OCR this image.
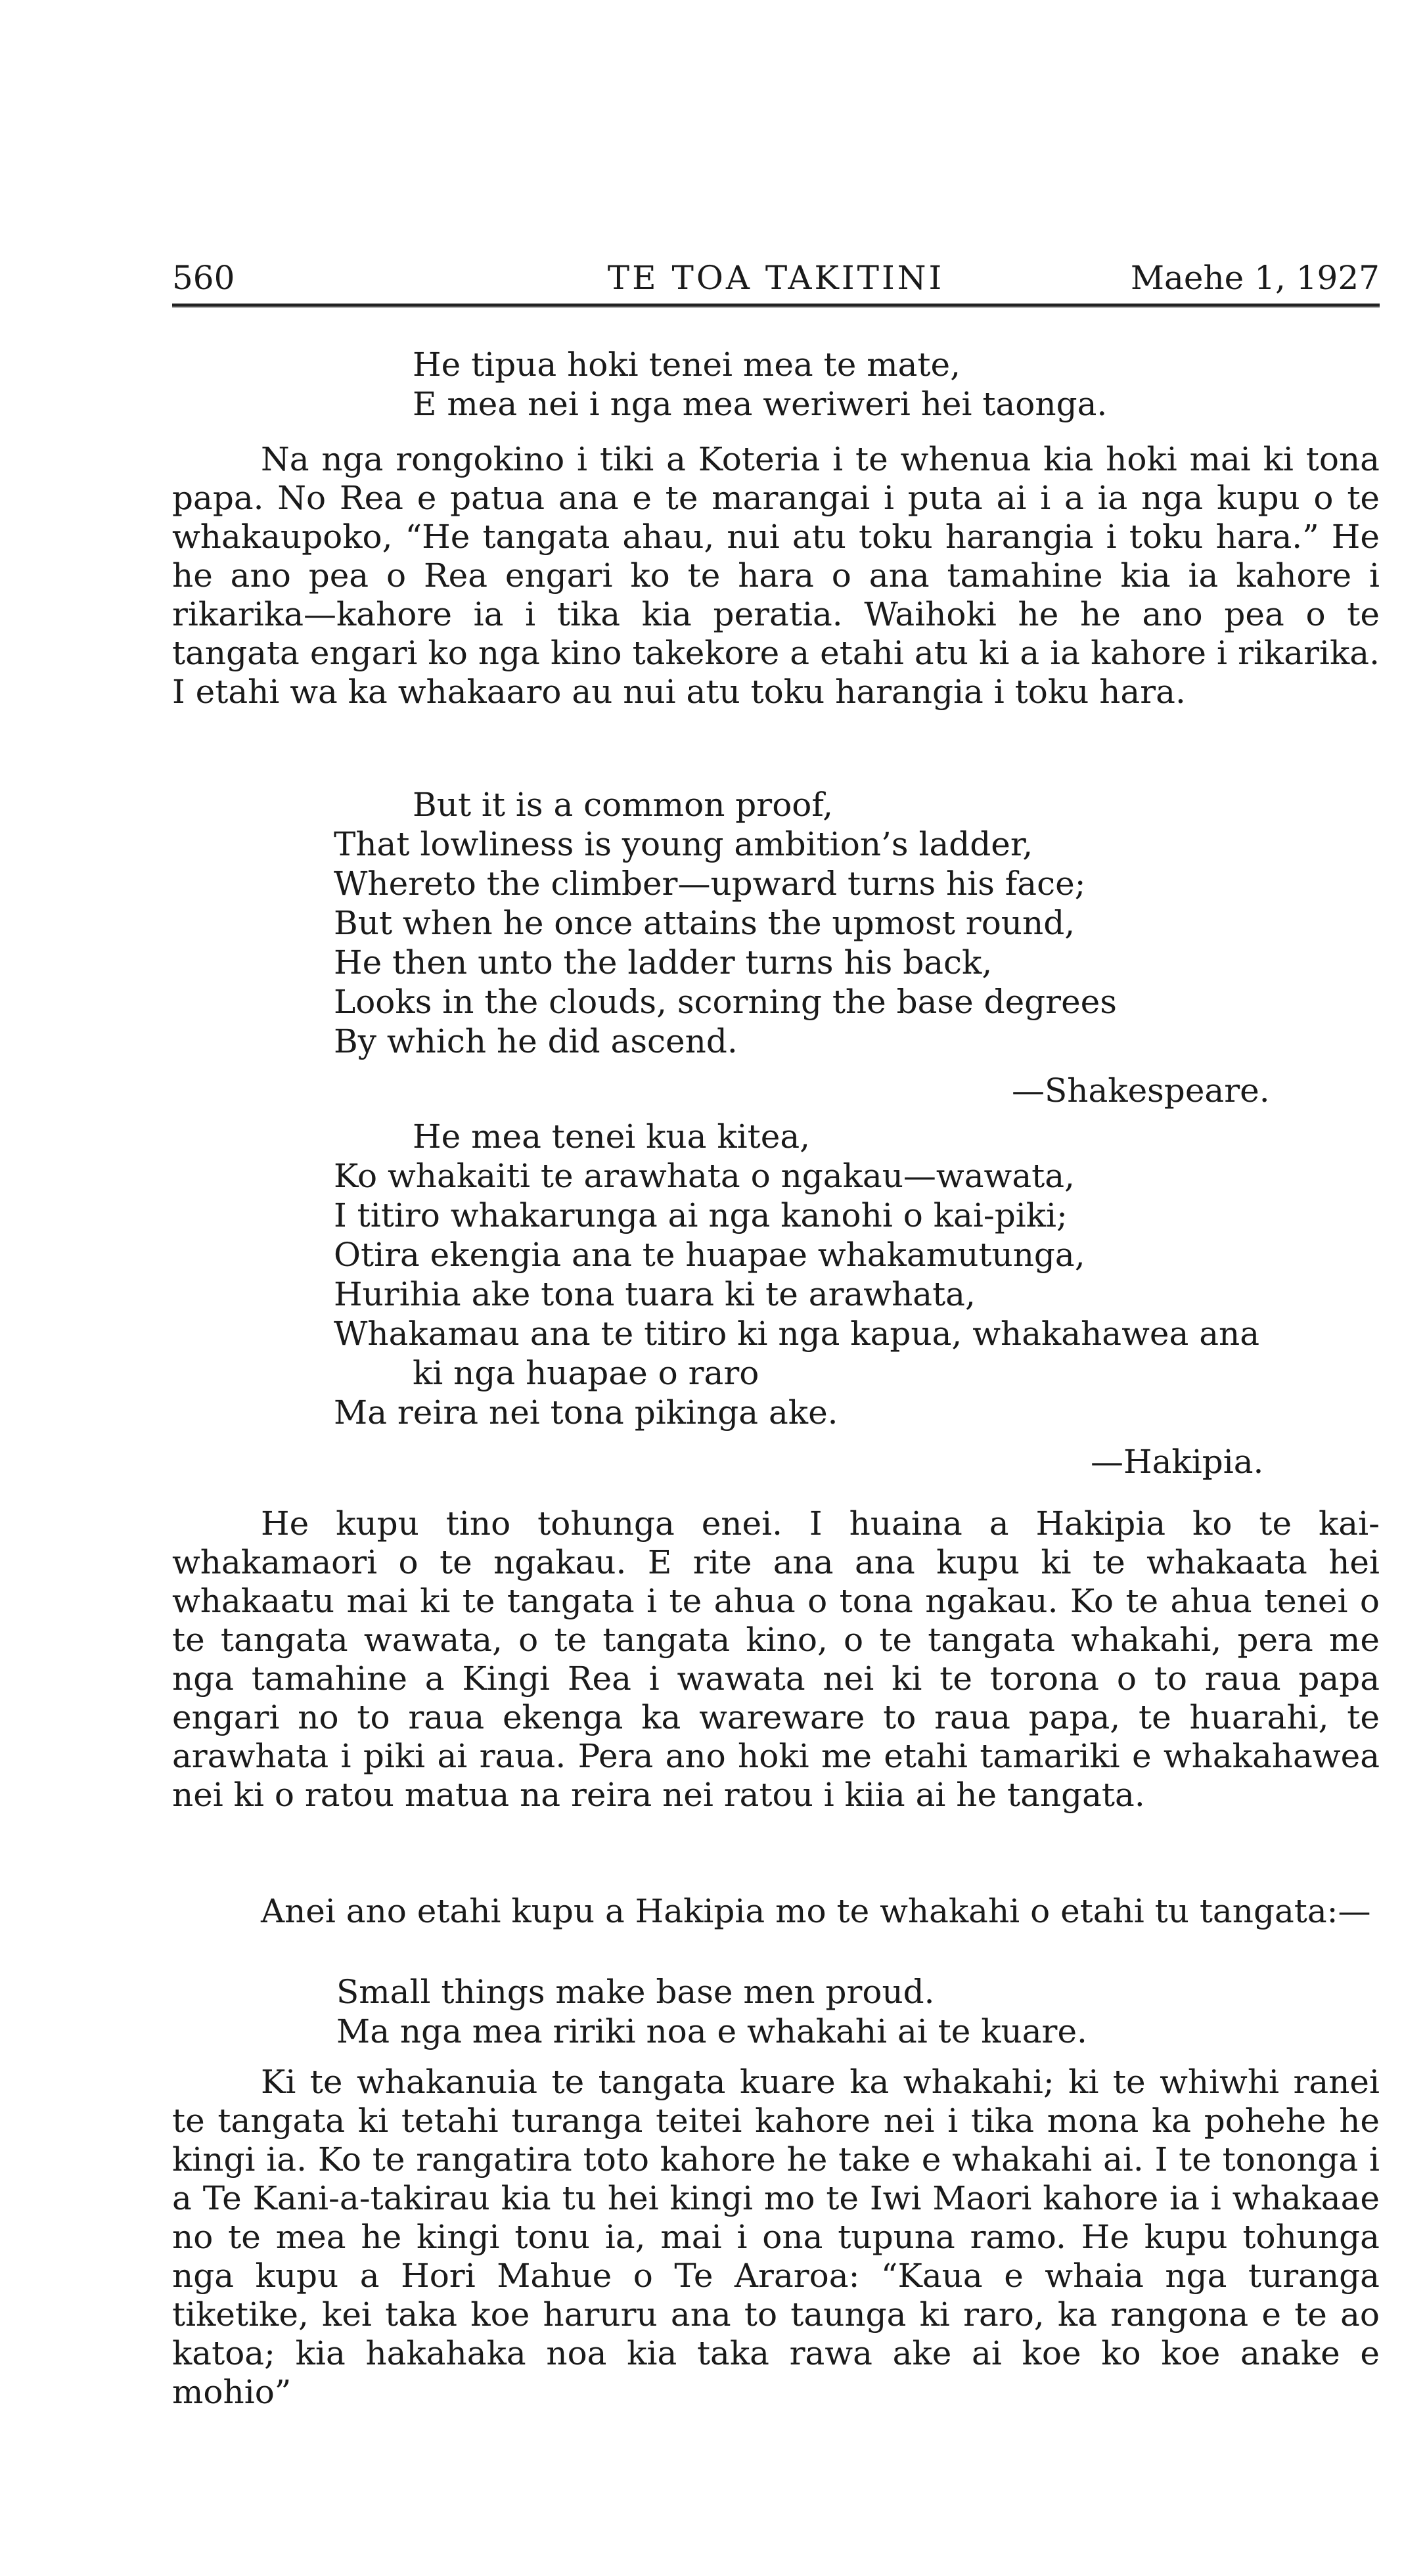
560	TE TOA TAKITINI	Maehe 1, 1927
He tipua hoki tenei mea te mate,
E mea nei i nga mea weriweri hei taonga.
Na nga rongokino i tiki a Koteria i te whenua kia hoki mai ki tona papa. No Rea e patua ana e te marangai i puta ai i a ia nga kupu o te whakaupoko, “He tangata ahau, nui atu toku harangia i toku hara.” He he ano pea o Rea engari ko te hara o ana tamahine kia ia kahore i rikarika—kahore ia i tika kia peratia. Waihoki he he ano pea o te tangata engari ko nga kino takekore a etahi atu ki a ia kahore i rikarika. I etahi wa ka whakaaro au nui atu toku harangia i toku hara.
But it is a common proof,
That lowliness is young ambition’s ladder,
Whereto the climber—upward turns his face;
But when he once attains the upmost round,
He then unto the ladder turns his back,
Looks in the clouds, scorning the base degrees
By which he did ascend.
—Shakespeare.
He mea tenei kua kitea,
Ko whakaiti te arawhata o ngakau—wawata,
I titiro whakarunga ai nga kanohi o kai-piki;
Otira ekengia ana te huapae whakamutunga,
Hurihia ake tona tuara ki te arawhata,
Whakamau ana te titiro ki nga kapua, whakahawea ana
ki nga huapae o raro
Ma reira nei tona pikinga ake.
—Hakipia.
He kupu tino tohunga enei. I huaina a Hakipia ko te kai-whakamaori o te ngakau. E rite ana ana kupu ki te whakaata hei whakaatu mai ki te tangata i te ahua o tona ngakau. Ko te ahua tenei o te tangata wawata, o te tangata kino, o te tangata whakahi, pera me nga tamahine a Kingi Rea i wawata nei ki te torona o to raua papa engari no to raua ekenga ka wareware to raua papa, te huarahi, te arawhata i piki ai raua. Pera ano hoki me etahi tamariki e whakahawea nei ki o ratou matua na reira nei ratou i kiia ai he tangata.
Anei ano etahi kupu a Hakipia mo te whakahi o etahi tu tangata:—
Small things make base men proud.
Ma nga mea ririki noa e whakahi ai te kuare.
Ki te whakanuia te tangata kuare ka whakahi; ki te whiwhi ranei te tangata ki tetahi turanga teitei kahore nei i tika mona ka pohehe he kingi ia. Ko te rangatira toto kahore he take e whakahi ai. I te tononga i a Te Kani-a-takirau kia tu hei kingi mo te Iwi Maori kahore ia i whakaae no te mea he kingi tonu ia, mai i ona tupuna ramo. He kupu tohunga nga kupu a Hori Mahue o Te Araroa: “Kaua e whaia nga turanga tiketike, kei taka koe haruru ana to taunga ki raro, ka rangona e te ao katoa; kia hakahaka noa kia taka rawa ake ai koe ko koe anake e mohio”
